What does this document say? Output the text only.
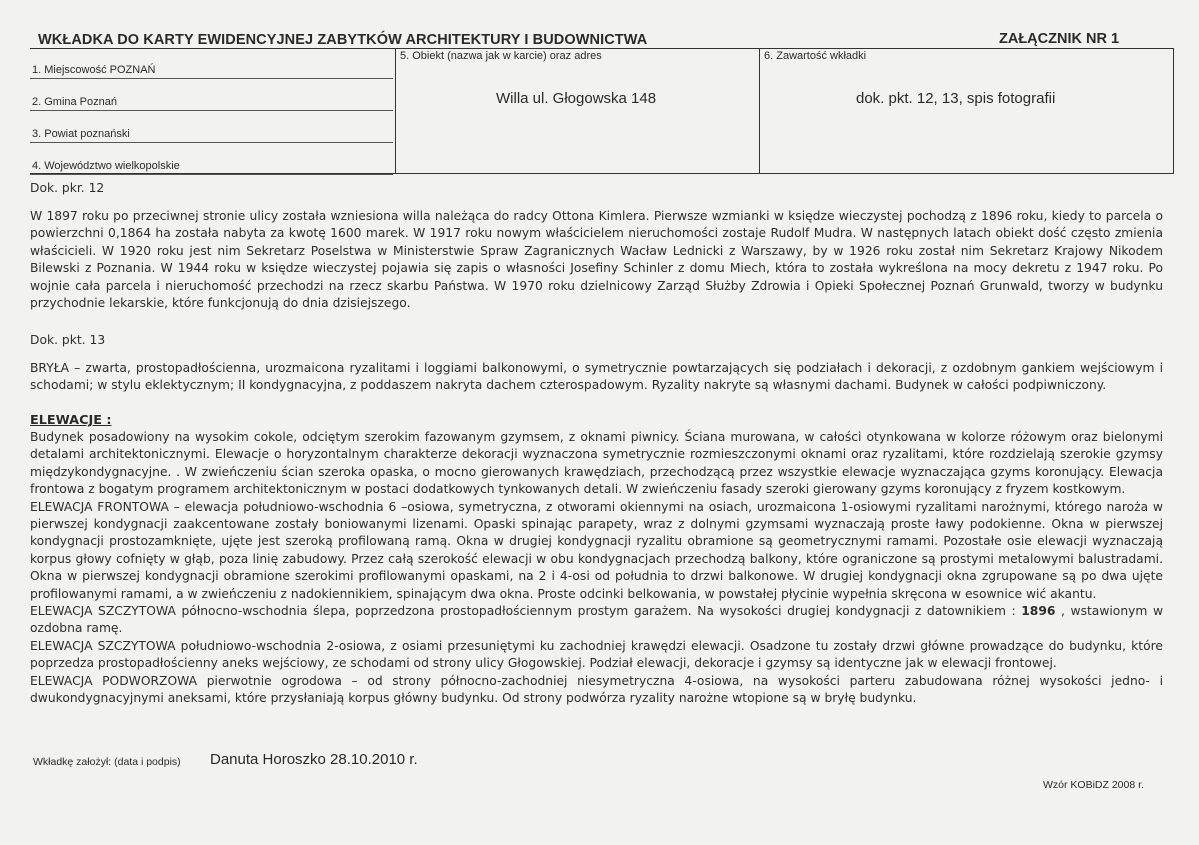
WKŁADKA DO KARTY EWIDENCYJNEJ ZABYTKÓW ARCHITEKTURY I BUDOWNICTWA	ZAŁĄCZNIK NR 1
1. Miejscowość POZNAŃ
2. Gmina Poznań
3. Powiat poznański
4. Województwo wielkopolskie
5. Obiekt (nazwa jak w karcie) oraz adres
Willa ul. Głogowska 148
6. Zawartość wkładki
dok. pkt. 12, 13, spis fotografii
Dok. pkr. 12
W 1897 roku po przeciwnej stronie ulicy została wzniesiona willa należąca do radcy Ottona Kimlera. Pierwsze wzmianki w księdze wieczystej pochodzą z 1896 roku, kiedy to parcela o powierzchni 0,1864 ha została nabyta za kwotę 1600 marek. W 1917 roku nowym właścicielem nieruchomości zostaje Rudolf Mudra. W następnych latach obiekt dość często zmienia właścicieli. W 1920 roku jest nim Sekretarz Poselstwa w Ministerstwie Spraw Zagranicznych Wacław Lednicki z Warszawy, by w 1926 roku został nim Sekretarz Krajowy Nikodem Bilewski z Poznania. W 1944 roku w księdze wieczystej pojawia się zapis o własności Josefiny Schinler z domu Miech, która to została wykreślona na mocy dekretu z 1947 roku. Po wojnie cała parcela i nieruchomość przechodzi na rzecz skarbu Państwa. W 1970 roku dzielnicowy Zarząd Służby Zdrowia i Opieki Społecznej Poznań Grunwald, tworzy w budynku przychodnie lekarskie, które funkcjonują do dnia dzisiejszego.
Dok. pkt. 13
BRYŁA – zwarta, prostopadłościenna, urozmaicona ryzalitami i loggiami balkonowymi, o symetrycznie powtarzających się podziałach i dekoracji, z ozdobnym gankiem wejściowym i schodami; w stylu eklektycznym; II kondygnacyjna, z poddaszem nakryta dachem czterospadowym. Ryzality nakryte są własnymi dachami. Budynek w całości podpiwniczony.
ELEWACJE :
Budynek posadowiony na wysokim cokole, odciętym szerokim fazowanym gzymsem, z oknami piwnicy. Ściana murowana, w całości otynkowana w kolorze różowym oraz bielonymi detalami architektonicznymi. Elewacje o horyzontalnym charakterze dekoracji wyznaczona symetrycznie rozmieszczonymi oknami oraz ryzalitami, które rozdzielają szerokie gzymsy międzykondygnacyjne. . W zwieńczeniu ścian szeroka opaska, o mocno gierowanych krawędziach, przechodzącą przez wszystkie elewacje wyznaczająca gzyms koronujący. Elewacja frontowa z bogatym programem architektonicznym w postaci dodatkowych tynkowanych detali. W zwieńczeniu fasady szeroki gierowany gzyms koronujący z fryzem kostkowym.
ELEWACJA FRONTOWA – elewacja południowo-wschodnia 6 –osiowa, symetryczna, z otworami okiennymi na osiach, urozmaicona 1-osiowymi ryzalitami narożnymi, którego naroża w pierwszej kondygnacji zaakcentowane zostały boniowanymi lizenami. Opaski spinając parapety, wraz z dolnymi gzymsami wyznaczają proste ławy podokienne. Okna w pierwszej kondygnacji prostozamknięte, ujęte jest szeroką profilowaną ramą. Okna w drugiej kondygnacji ryzalitu obramione są geometrycznymi ramami. Pozostałe osie elewacji wyznaczają korpus głowy cofnięty w głąb, poza linię zabudowy. Przez całą szerokość elewacji w obu kondygnacjach przechodzą balkony, które ograniczone są prostymi metalowymi balustradami. Okna w pierwszej kondygnacji obramione szerokimi profilowanymi opaskami, na 2 i 4-osi od południa to drzwi balkonowe. W drugiej kondygnacji okna zgrupowane są po dwa ujęte profilowanymi ramami, a w zwieńczeniu z nadokiennikiem, spinającym dwa okna. Proste odcinki belkowania, w powstałej płycinie wypełnia skręcona w esownice wić akantu.
ELEWACJA SZCZYTOWA północno-wschodnia ślepa, poprzedzona prostopadłościennym prostym garażem. Na wysokości drugiej kondygnacji z datownikiem : 1896 , wstawionym w ozdobna ramę.
ELEWACJA SZCZYTOWA południowo-wschodnia 2-osiowa, z osiami przesuniętymi ku zachodniej krawędzi elewacji. Osadzone tu zostały drzwi główne prowadzące do budynku, które poprzedza prostopadłościenny aneks wejściowy, ze schodami od strony ulicy Głogowskiej. Podział elewacji, dekoracje i gzymsy są identyczne jak w elewacji frontowej.
ELEWACJA PODWORZOWA pierwotnie ogrodowa – od strony północno-zachodniej niesymetryczna 4-osiowa, na wysokości parteru zabudowana różnej wysokości jedno- i dwukondygnacyjnymi aneksami, które przysłaniają korpus główny budynku. Od strony podwórza ryzality narożne wtopione są w bryłę budynku.
Wkładkę założył: (data i podpis) Danuta Horoszko 28.10.2010 r.
Wzór KOBiDZ 2008 r.
